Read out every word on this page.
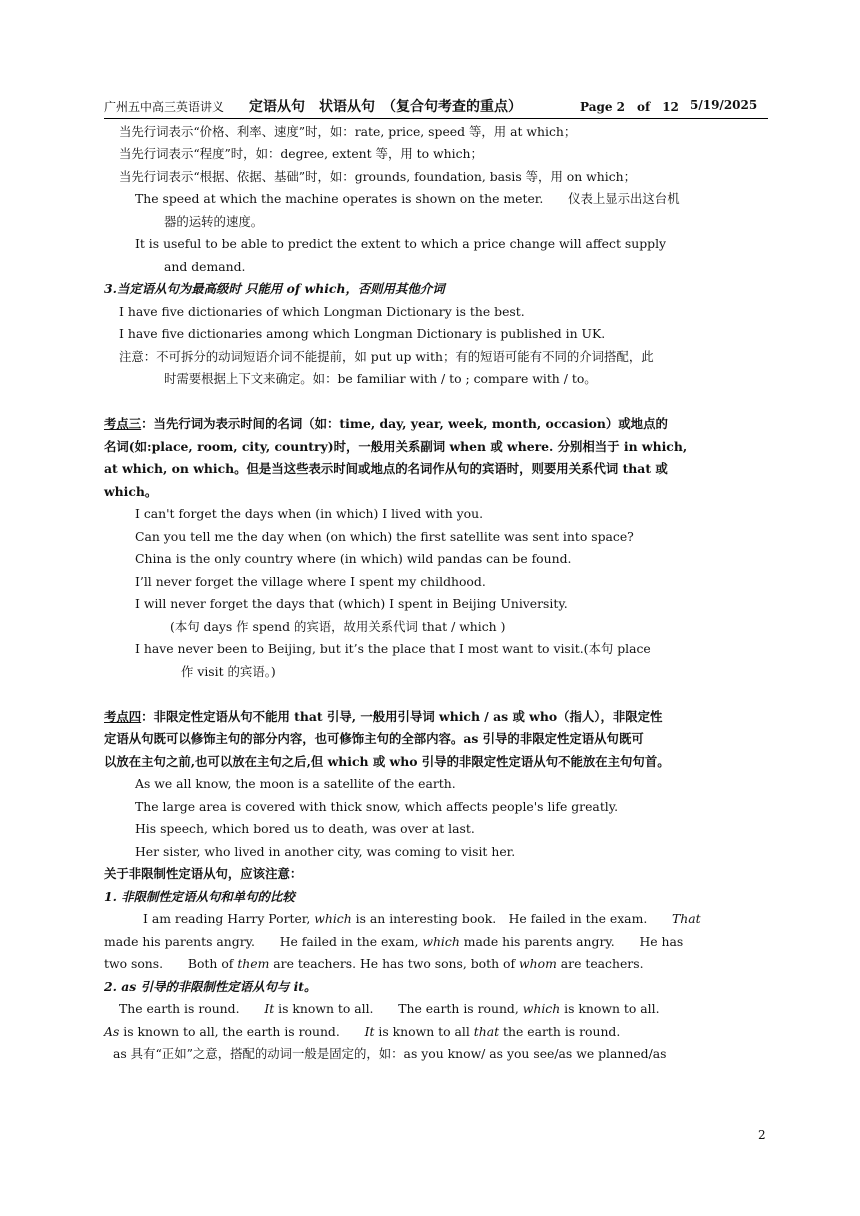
广州五中高三英语讲义 定语从句　状语从句　（复合句考查的重点）	Page 2　of　12 5/19/2025
当先行词表示“价格、利率、速度”时，如：rate, price, speed 等，用 at which；
当先行词表示“程度”时，如：degree, extent 等，用 to which；
当先行词表示“根据、依据、基础”时，如：grounds, foundation, basis 等，用 on which；
The speed at which the machine operates is shown on the meter.　　仪表上显示出这台机
器的运转的速度。
It is useful to be able to predict the extent to which a price change will affect supply
and demand.
3.当定语从句为最高级时 只能用 of which，否则用其他介词
I have five dictionaries of which Longman Dictionary is the best.
I have five dictionaries among which Longman Dictionary is published in UK.
注意：不可拆分的动词短语介词不能提前，如 put up with；有的短语可能有不同的介词搭配，此
时需要根据上下文来确定。如：be familiar with / to ; compare with / to。
考点三：当先行词为表示时间的名词（如：time, day, year, week, month, occasion）或地点的
名词(如:place, room, city, country)时，一般用关系副词 when 或 where. 分别相当于 in which,
at which, on which。但是当这些表示时间或地点的名词作从句的宾语时，则要用关系代词 that 或
which。
I can't forget the days when (in which) I lived with you.
Can you tell me the day when (on which) the first satellite was sent into space?
China is the only country where (in which) wild pandas can be found.
I’ll never forget the village where I spent my childhood.
I will never forget the days that (which) I spent in Beijing University.
(本句 days 作 spend 的宾语，故用关系代词 that / which )
I have never been to Beijing, but it’s the place that I most want to visit.(本句 place
作 visit 的宾语。)
考点四：非限定性定语从句不能用 that 引导, 一般用引导词 which / as 或 who（指人），非限定性
定语从句既可以修饰主句的部分内容，也可修饰主句的全部内容。as 引导的非限定性定语从句既可
以放在主句之前,也可以放在主句之后,但 which 或 who 引导的非限定性定语从句不能放在主句句首。
As we all know, the moon is a satellite of the earth.
The large area is covered with thick snow, which affects people's life greatly.
His speech, which bored us to death, was over at last.
Her sister, who lived in another city, was coming to visit her.
关于非限制性定语从句，应该注意：
1. 非限制性定语从句和单句的比较
I am reading Harry Porter, which is an interesting book.　He failed in the exam.　　That
made his parents angry.　　He failed in the exam, which made his parents angry.　　He has
two sons.　　Both of them are teachers. He has two sons, both of whom are teachers.
2. as 引导的非限制性定语从句与 it。
The earth is round.　　It is known to all.　　The earth is round, which is known to all.
As is known to all, the earth is round.　　It is known to all that the earth is round.
as 具有“正如”之意，搭配的动词一般是固定的，如：as you know/ as you see/as we planned/as
2
